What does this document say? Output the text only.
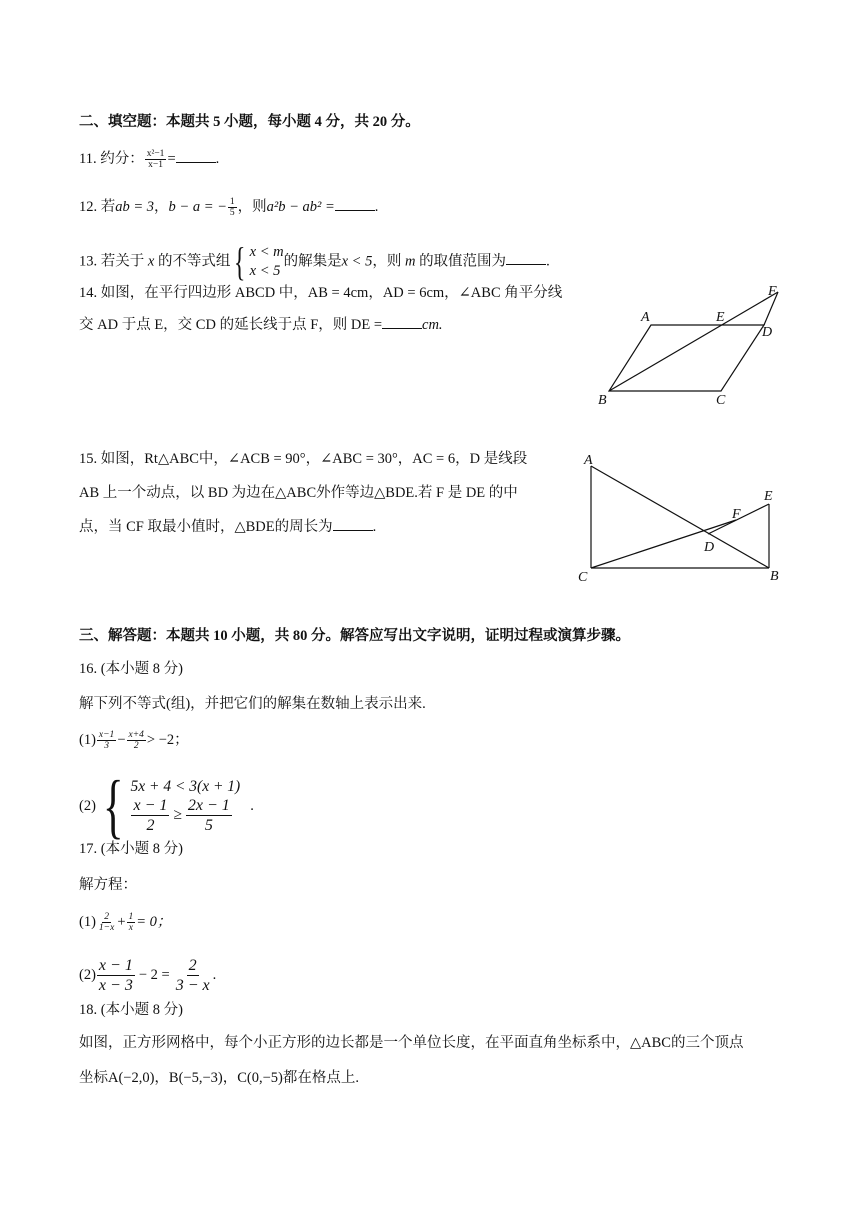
二、填空题：本题共 5 小题，每小题 4 分，共 20 分。
11. 约分： $\frac{\text{x²−1}}{x-1}$ =	.
12. 若ab = 3，b − a = − $\frac{1}{5}$ ，则a²b − ab² =	.
13. 若关于 x 的不等式组 { x < m
x < 5
的解集是x < 5，则 m 的取值范围为	.
14. 如图，在平行四边形 ABCD 中，AB = 4cm，AD = 6cm，∠ABC 角平分线
交 AD 于点 E，交 CD 的延长线于点 F，则 DE =	cm.	A	E
F
D
B	C
15. 如图，Rt△ABC中，∠ACB = 90°，∠ABC = 30°，AC = 6，D 是线段
AB 上一个动点，以 BD 为边在△ABC外作等边△BDE.若 F 是 DE 的中
点，当 CF 取最小值时，△BDE的周长为	.
A
C	B
E
F
D
三、解答题：本题共 10 小题，共 80 分。解答应写出文字说明，证明过程或演算步骤。
16. (本小题 8 分)
解下列不等式(组)，并把它们的解集在数轴上表示出来.
$(1) \frac{x-1}{3} - \frac{x+4}{2} > -2$；
(2) { 5x + 4 < 3(x + 1)
$\frac{x - 1}{2} \ge \frac{2x - 1}{5}$ .
17. (本小题 8 分)
解方程：
$(1) \frac{2}{1-x} + \frac{1}{x} = 0$；
$(2) \frac{x - 1}{x - 3} - 2 = \frac{2}{3 - x}$ .
18. (本小题 8 分)
如图，正方形网格中，每个小正方形的边长都是一个单位长度，在平面直角坐标系中，△ABC的三个顶点
坐标A(−2,0)，B(−5,−3)，C(0,−5)都在格点上.
